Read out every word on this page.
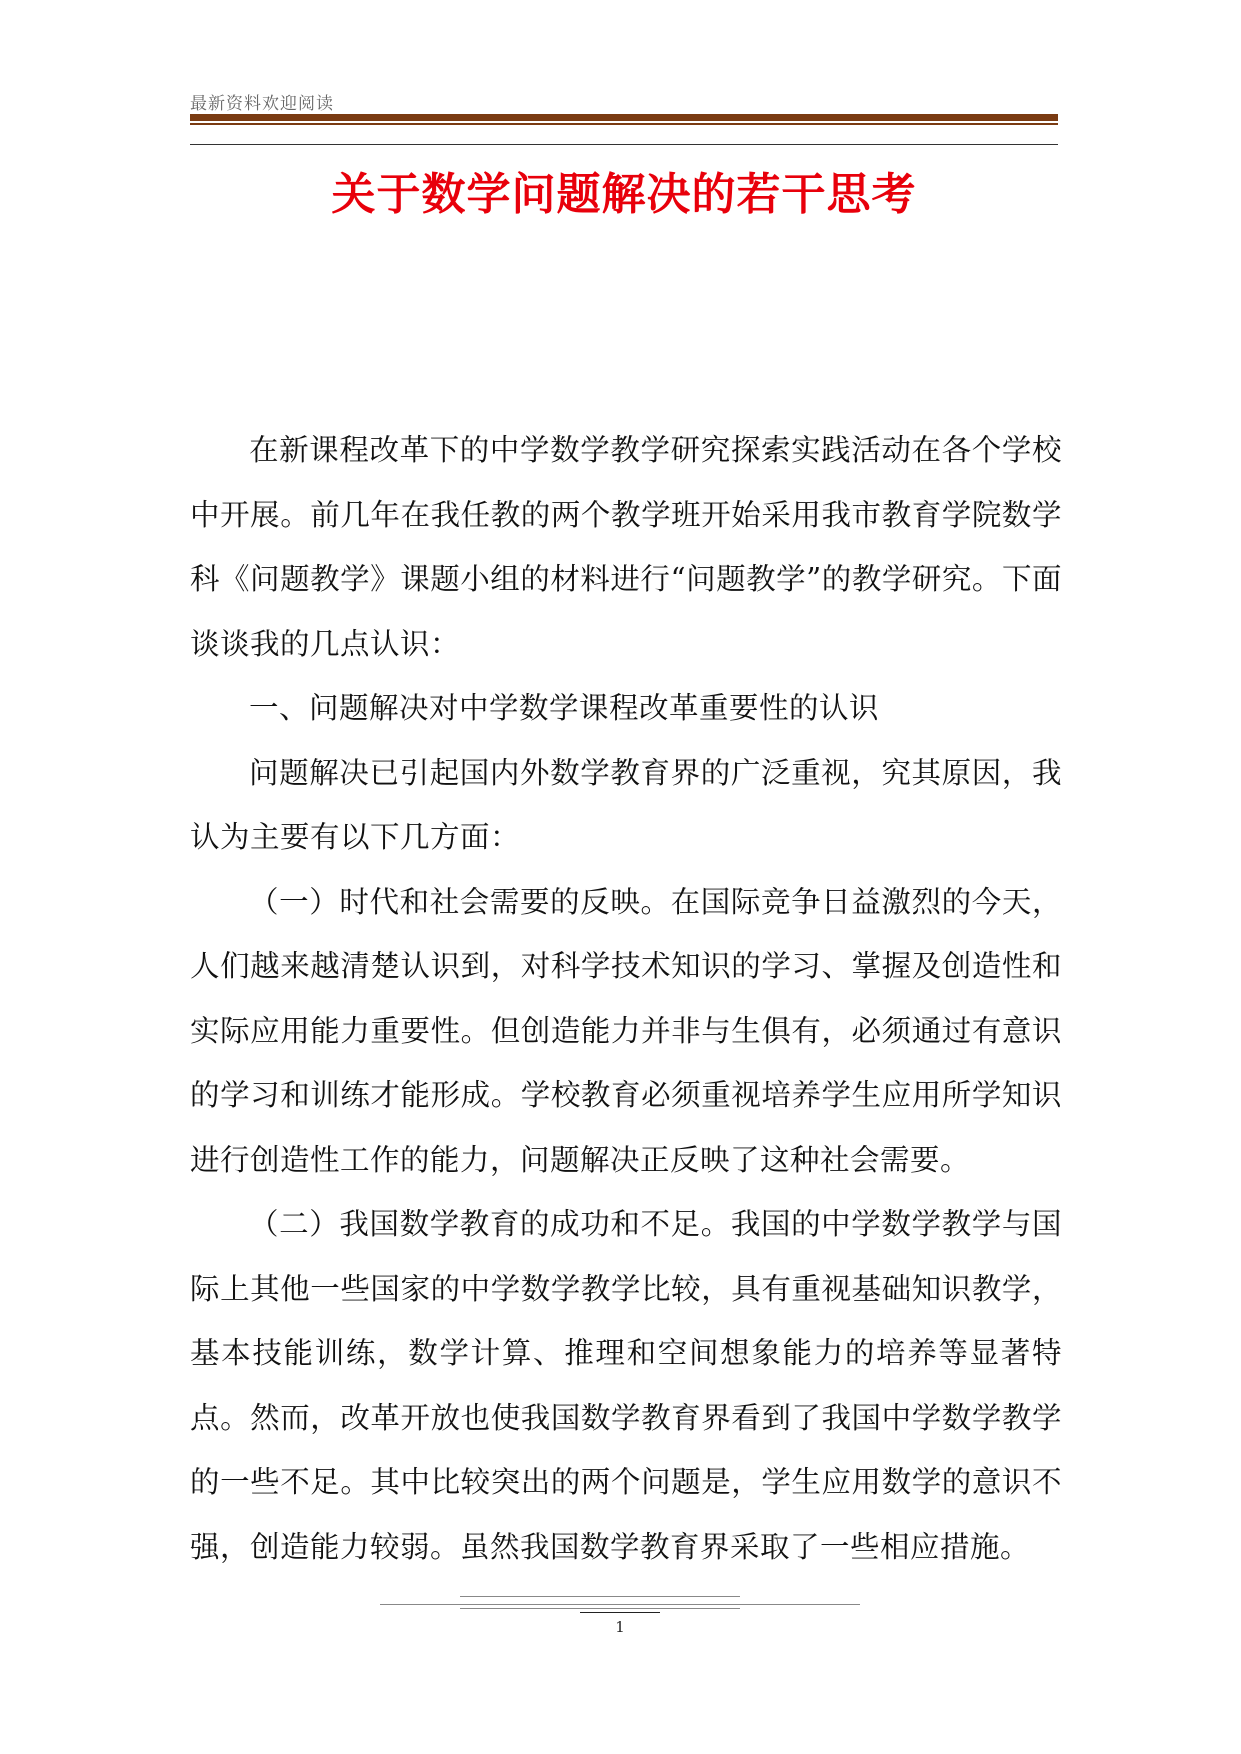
最新资料欢迎阅读
关于数学问题解决的若干思考

在新课程改革下的中学数学教学研究探索实践活动在各个学校中开展。前几年在我任教的两个教学班开始采用我市教育学院数学科《问题教学》课题小组的材料进行“问题教学”的教学研究。下面谈谈我的几点认识：

一、问题解决对中学数学课程改革重要性的认识

问题解决已引起国内外数学教育界的广泛重视，究其原因，我认为主要有以下几方面：

（一）时代和社会需要的反映。在国际竞争日益激烈的今天，人们越来越清楚认识到，对科学技术知识的学习、掌握及创造性和实际应用能力重要性。但创造能力并非与生俱有，必须通过有意识的学习和训练才能形成。学校教育必须重视培养学生应用所学知识进行创造性工作的能力，问题解决正反映了这种社会需要。

（二）我国数学教育的成功和不足。我国的中学数学教学与国际上其他一些国家的中学数学教学比较，具有重视基础知识教学，基本技能训练，数学计算、推理和空间想象能力的培养等显著特点。然而，改革开放也使我国数学教育界看到了我国中学数学教学的一些不足。其中比较突出的两个问题是，学生应用数学的意识不强，创造能力较弱。虽然我国数学教育界采取了一些相应措施。

1
